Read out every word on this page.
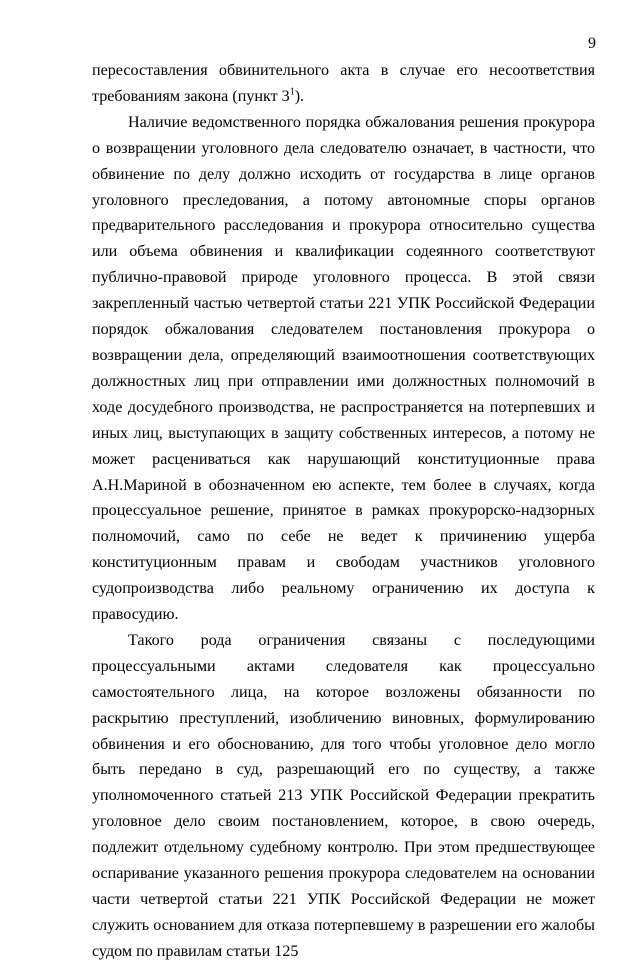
9

пересоставления обвинительного акта в случае его несоответствия требованиям закона (пункт $3^1$).

Наличие ведомственного порядка обжалования решения прокурора о возвращении уголовного дела следователю означает, в частности, что обвинение по делу должно исходить от государства в лице органов уголовного преследования, а потому автономные споры органов предварительного расследования и прокурора относительно существа или объема обвинения и квалификации содеянного соответствуют публично-правовой природе уголовного процесса. В этой связи закрепленный частью четвертой статьи 221 УПК Российской Федерации порядок обжалования следователем постановления прокурора о возвращении дела, определяющий взаимоотношения соответствующих должностных лиц при отправлении ими должностных полномочий в ходе досудебного производства, не распространяется на потерпевших и иных лиц, выступающих в защиту собственных интересов, а потому не может расцениваться как нарушающий конституционные права А.Н.Мариной в обозначенном ею аспекте, тем более в случаях, когда процессуальное решение, принятое в рамках прокурорско-надзорных полномочий, само по себе не ведет к причинению ущерба конституционным правам и свободам участников уголовного судопроизводства либо реальному ограничению их доступа к правосудию.

Такого рода ограничения связаны с последующими процессуальными актами следователя как процессуально самостоятельного лица, на которое возложены обязанности по раскрытию преступлений, изобличению виновных, формулированию обвинения и его обоснованию, для того чтобы уголовное дело могло быть передано в суд, разрешающий его по существу, а также уполномоченного статьей 213 УПК Российской Федерации прекратить уголовное дело своим постановлением, которое, в свою очередь, подлежит отдельному судебному контролю. При этом предшествующее оспаривание указанного решения прокурора следователем на основании части четвертой статьи 221 УПК Российской Федерации не может служить основанием для отказа потерпевшему в разрешении его жалобы судом по правилам статьи 125
